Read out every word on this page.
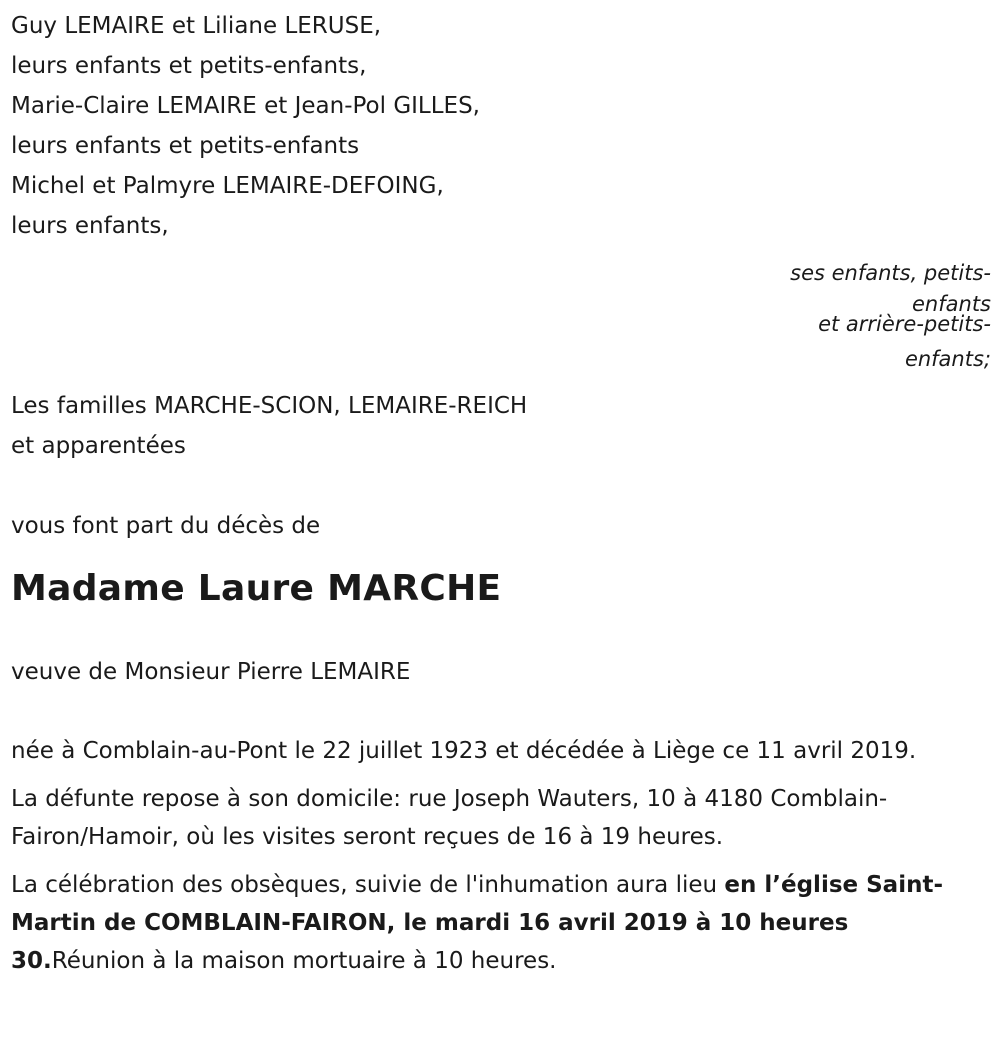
Guy LEMAIRE et Liliane LERUSE,
leurs enfants et petits-enfants,
Marie-Claire LEMAIRE et Jean-Pol GILLES,
leurs enfants et petits-enfants
Michel et Palmyre LEMAIRE-DEFOING,
leurs enfants,
ses enfants, petits-
enfants
et arrière-petits-
enfants;
Les familles MARCHE-SCION, LEMAIRE-REICH
et apparentées
vous font part du décès de
Madame Laure MARCHE
veuve de Monsieur Pierre LEMAIRE

née à Comblain-au-Pont le 22 juillet 1923 et décédée à Liège ce 11 avril 2019.

La défunte repose à son domicile: rue Joseph Wauters, 10 à 4180 Comblain-Fairon/Hamoir, où les visites seront reçues de 16 à 19 heures.

La célébration des obsèques, suivie de l'inhumation aura lieu en l’église Saint-Martin de COMBLAIN-FAIRON, le mardi 16 avril 2019 à 10 heures 30.Réunion à la maison mortuaire à 10 heures.
